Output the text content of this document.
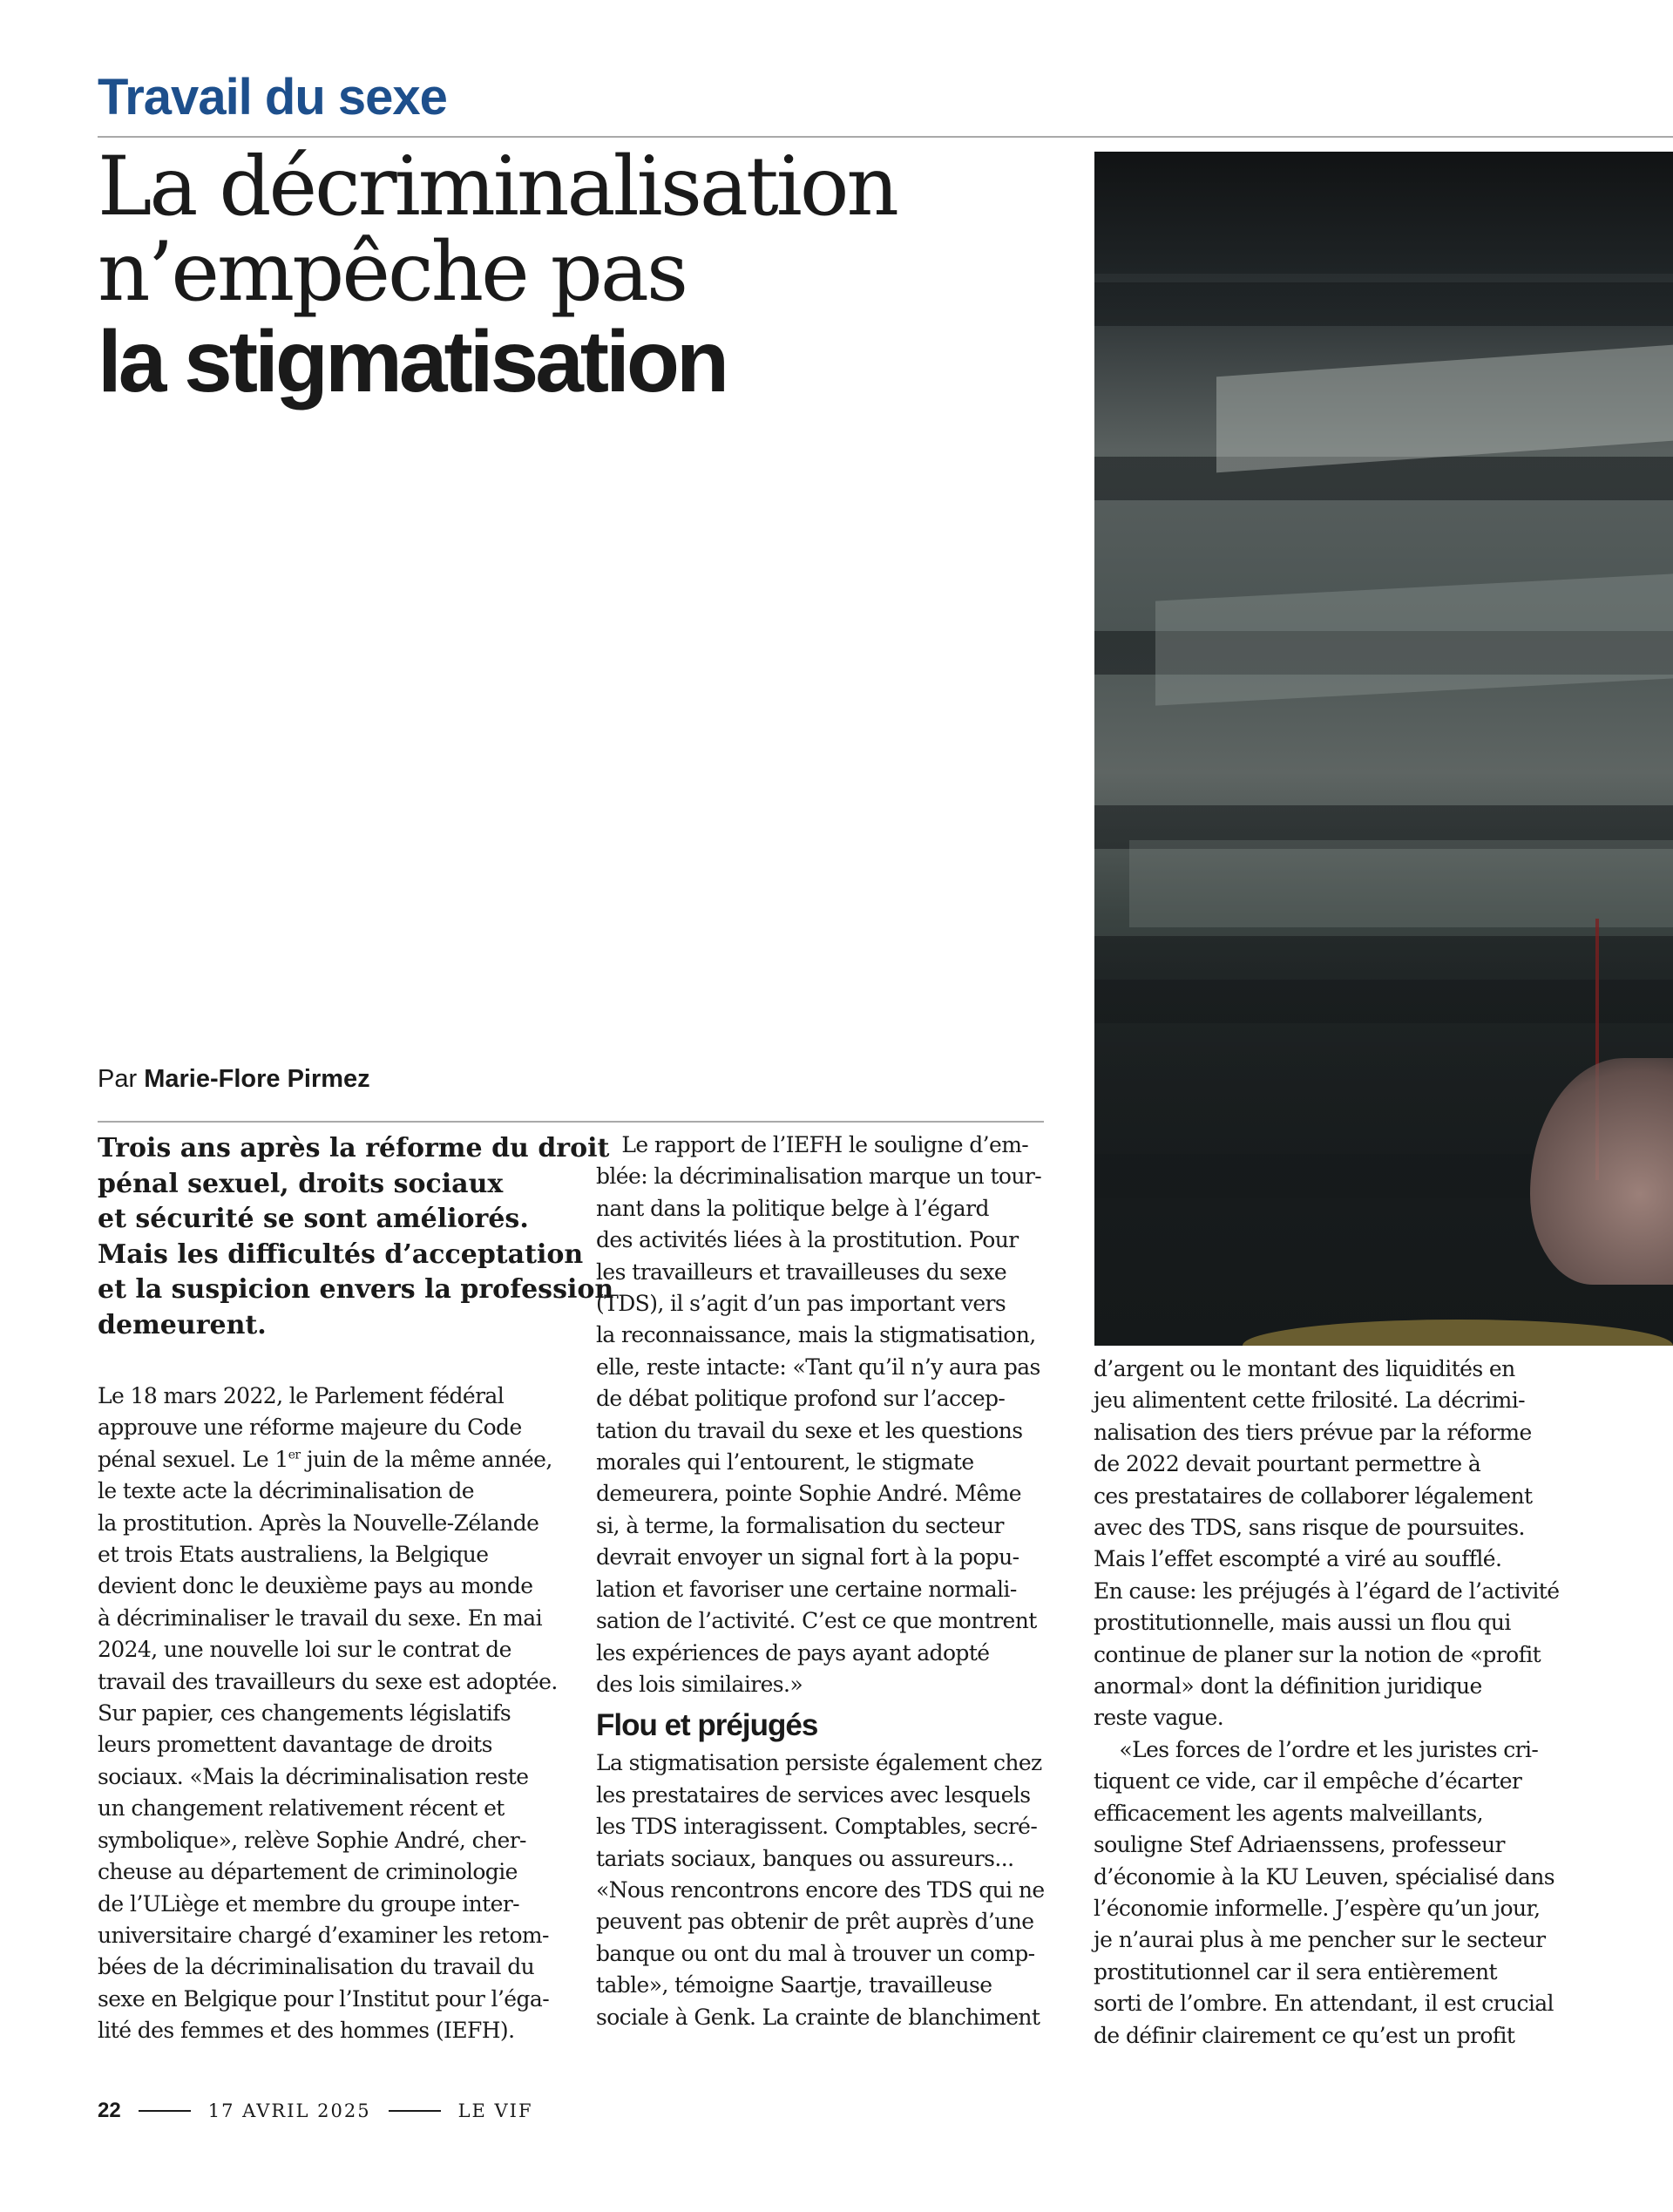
Travail du sexe
La décriminalisation
n’empêche pas
la stigmatisation
Par Marie-Flore Pirmez
Trois ans après la réforme du droit
pénal sexuel, droits sociaux
et sécurité se sont améliorés.
Mais les difficultés d’acceptation
et la suspicion envers la profession
demeurent.
Le 18 mars 2022, le Parlement fédéral
approuve une réforme majeure du Code
pénal sexuel. Le 1er juin de la même année,
le texte acte la décriminalisation de
la prostitution. Après la Nouvelle-Zélande
et trois Etats australiens, la Belgique
devient donc le deuxième pays au monde
à décriminaliser le travail du sexe. En mai
2024, une nouvelle loi sur le contrat de
travail des travailleurs du sexe est adoptée.
Sur papier, ces changements législatifs
leurs promettent davantage de droits
sociaux. «Mais la décriminalisation reste
un changement relativement récent et
symbolique», relève Sophie André, cher-
cheuse au département de criminologie
de l’ULiège et membre du groupe inter-
universitaire chargé d’examiner les retom-
bées de la décriminalisation du travail du
sexe en Belgique pour l’Institut pour l’éga-
lité des femmes et des hommes (IEFH).
Le rapport de l’IEFH le souligne d’em-
blée: la décriminalisation marque un tour-
nant dans la politique belge à l’égard
des activités liées à la prostitution. Pour
les travailleurs et travailleuses du sexe
(TDS), il s’agit d’un pas important vers
la reconnaissance, mais la stigmatisation,
elle, reste intacte: «Tant qu’il n’y aura pas
de débat politique profond sur l’accep-
tation du travail du sexe et les questions
morales qui l’entourent, le stigmate
demeurera, pointe Sophie André. Même
si, à terme, la formalisation du secteur
devrait envoyer un signal fort à la popu-
lation et favoriser une certaine normali-
sation de l’activité. C’est ce que montrent
les expériences de pays ayant adopté
des lois similaires.»
Flou et préjugés
La stigmatisation persiste également chez
les prestataires de services avec lesquels
les TDS interagissent. Comptables, secré-
tariats sociaux, banques ou assureurs...
«Nous rencontrons encore des TDS qui ne
peuvent pas obtenir de prêt auprès d’une
banque ou ont du mal à trouver un comp-
table», témoigne Saartje, travailleuse
sociale à Genk. La crainte de blanchiment
d’argent ou le montant des liquidités en
jeu alimentent cette frilosité. La décrimi-
nalisation des tiers prévue par la réforme
de 2022 devait pourtant permettre à
ces prestataires de collaborer légalement
avec des TDS, sans risque de poursuites.
Mais l’effet escompté a viré au soufflé.
En cause: les préjugés à l’égard de l’activité
prostitutionnelle, mais aussi un flou qui
continue de planer sur la notion de «profit
anormal» dont la définition juridique
reste vague.
«Les forces de l’ordre et les juristes cri-
tiquent ce vide, car il empêche d’écarter
efficacement les agents malveillants,
souligne Stef Adriaenssens, professeur
d’économie à la KU Leuven, spécialisé dans
l’économie informelle. J’espère qu’un jour,
je n’aurai plus à me pencher sur le secteur
prostitutionnel car il sera entièrement
sorti de l’ombre. En attendant, il est crucial
de définir clairement ce qu’est un profit
22	17 AVRIL 2025	LE VIF
